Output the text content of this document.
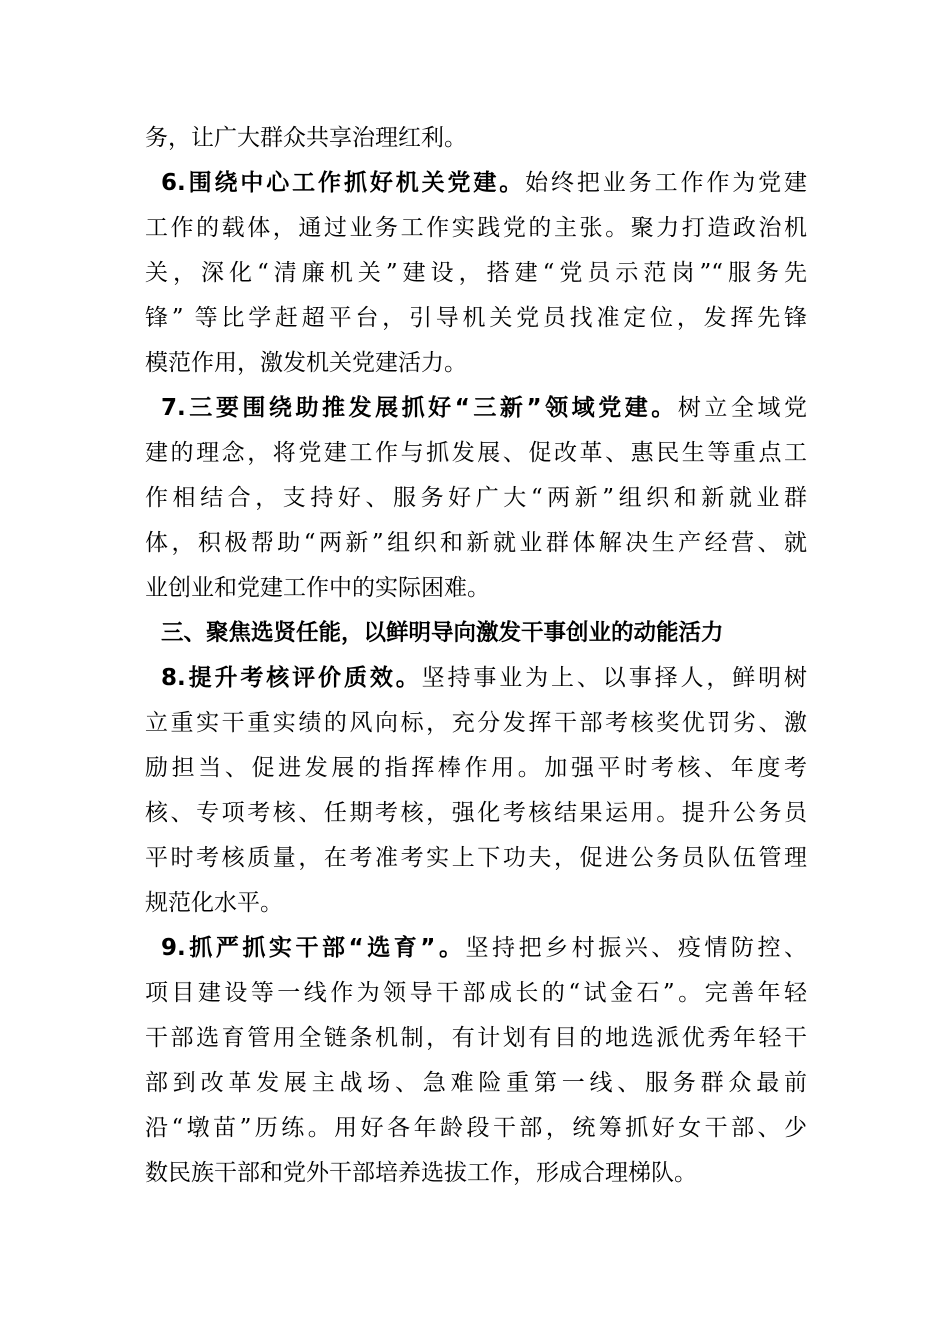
务，让广大群众共享治理红利。
6.围绕中心工作抓好机关党建。始终把业务工作作为党建
工作的载体，通过业务工作实践党的主张。聚力打造政治机
关，深化“清廉机关”建设，搭建“党员示范岗”“服务先
锋” 等比学赶超平台，引导机关党员找准定位，发挥先锋
模范作用，激发机关党建活力。
7.三要围绕助推发展抓好“三新”领域党建。树立全域党
建的理念，将党建工作与抓发展、促改革、惠民生等重点工
作相结合，支持好、服务好广大“两新”组织和新就业群
体，积极帮助“两新”组织和新就业群体解决生产经营、就
业创业和党建工作中的实际困难。
三、聚焦选贤任能，以鲜明导向激发干事创业的动能活力
8.提升考核评价质效。坚持事业为上、以事择人，鲜明树
立重实干重实绩的风向标，充分发挥干部考核奖优罚劣、激
励担当、促进发展的指挥棒作用。加强平时考核、年度考
核、专项考核、任期考核，强化考核结果运用。提升公务员
平时考核质量，在考准考实上下功夫，促进公务员队伍管理
规范化水平。
9.抓严抓实干部“选育”。坚持把乡村振兴、疫情防控、
项目建设等一线作为领导干部成长的“试金石”。完善年轻
干部选育管用全链条机制，有计划有目的地选派优秀年轻干
部到改革发展主战场、急难险重第一线、服务群众最前
沿“墩苗”历练。用好各年龄段干部，统筹抓好女干部、少
数民族干部和党外干部培养选拔工作，形成合理梯队。
